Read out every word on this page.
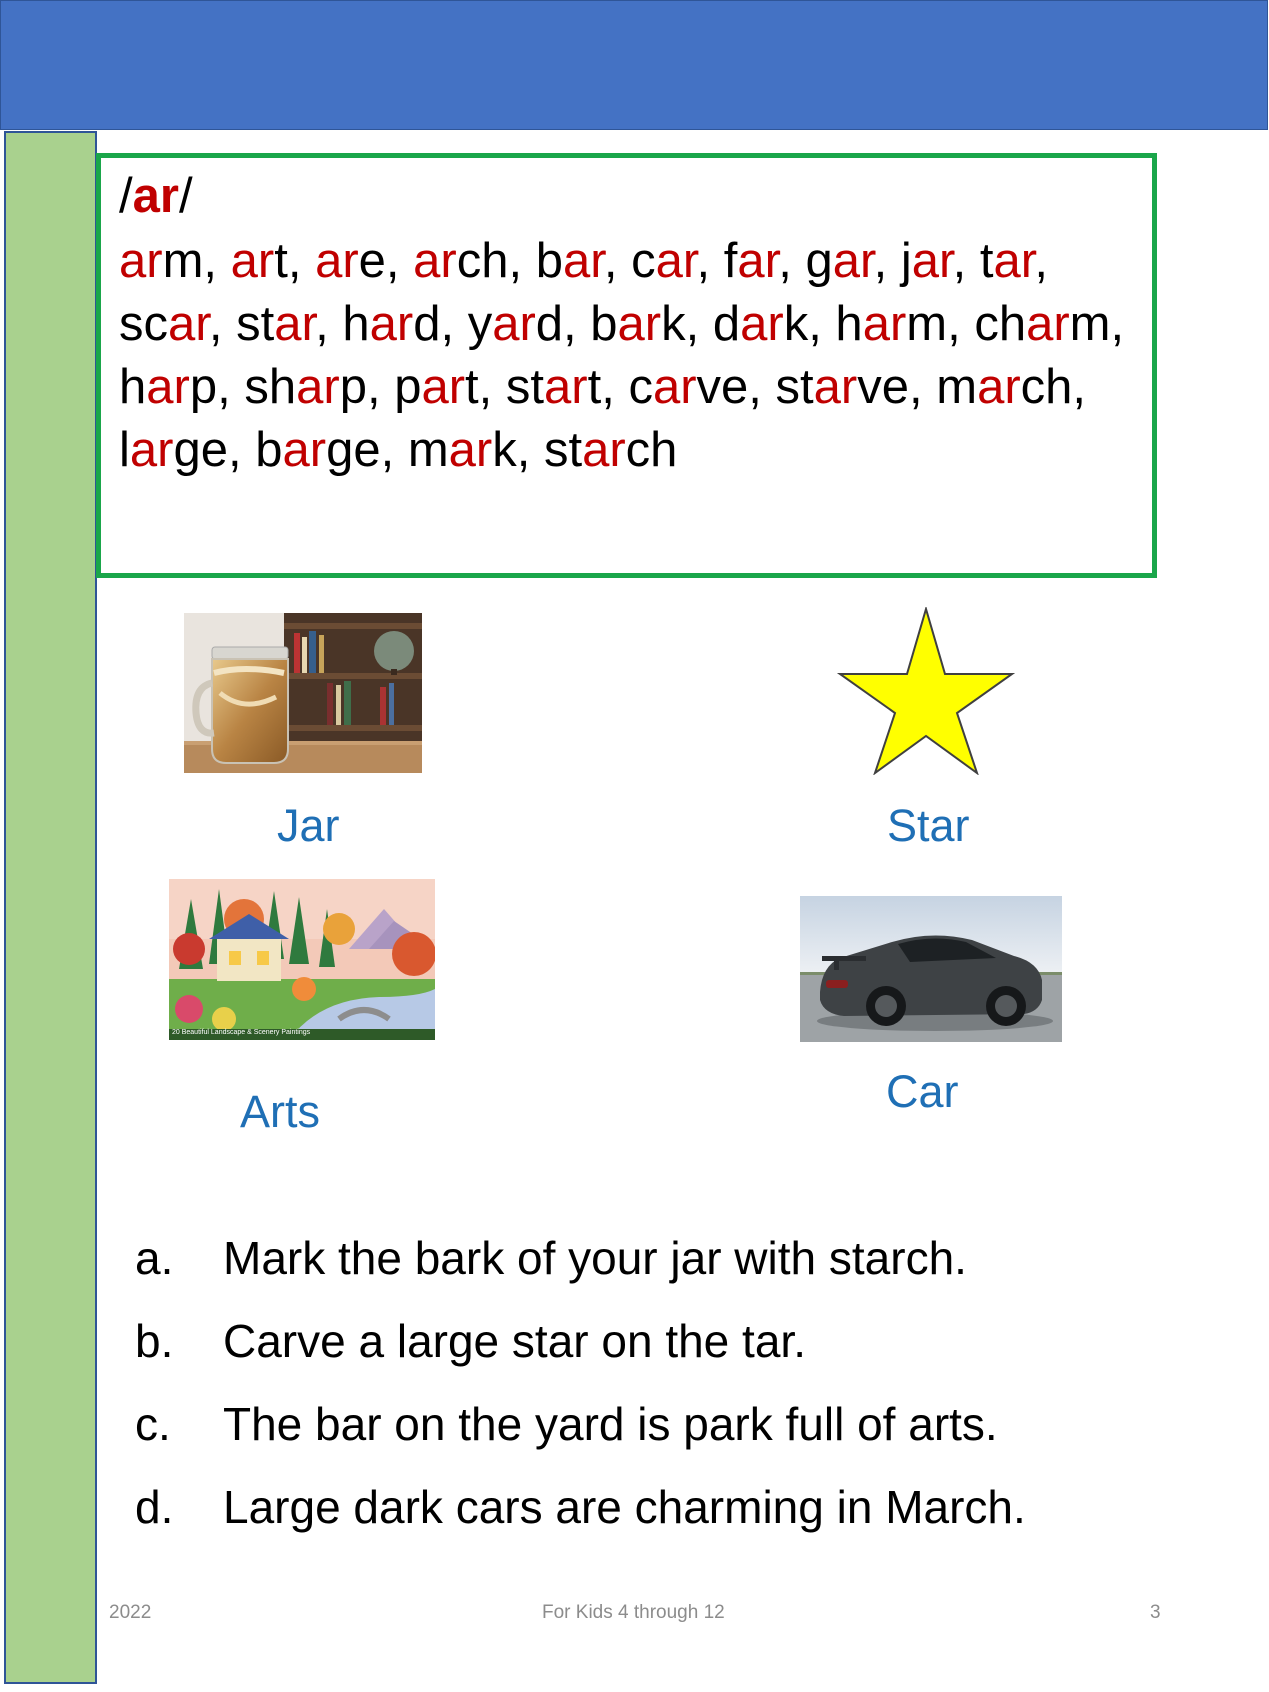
/ar/

arm, art, are, arch, bar, car, far, gar, jar, tar, scar, star, hard, yard, bark, dark, harm, charm, harp, sharp, part, start, carve, starve, march, large, barge, mark, starch

Jar	Star
20 Beautiful Landscape & Scenery Paintings
Arts	Car
a. Mark the bark of your jar with starch.
b. Carve a large star on the tar.
c. The bar on the yard is park full of arts.
d. Large dark cars are charming in March.
2022	For Kids 4 through 12	3
